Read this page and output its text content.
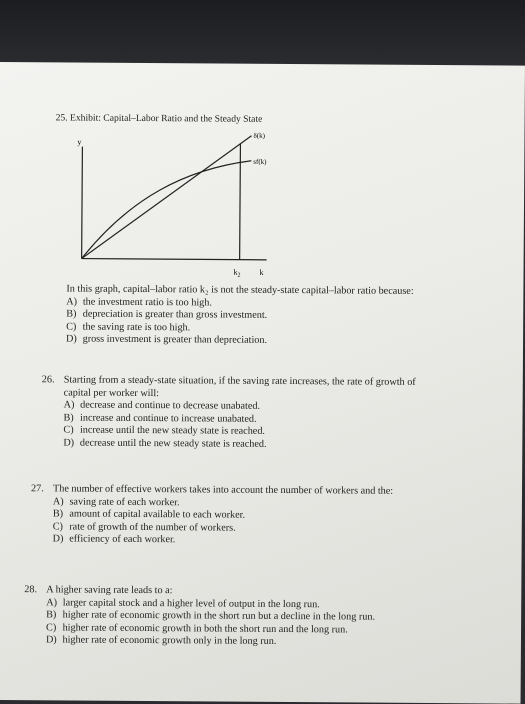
25. Exhibit: Capital–Labor Ratio and the Steady State
y
δ(k)
sf(k)
$k_2$ k
In this graph, capital–labor ratio k₂ is not the steady-state capital–labor ratio because:
A) the investment ratio is too high.
B) depreciation is greater than gross investment.
C) the saving rate is too high.
D) gross investment is greater than depreciation.
26. Starting from a steady-state situation, if the saving rate increases, the rate of growth of
capital per worker will:
A) decrease and continue to decrease unabated.
B) increase and continue to increase unabated.
C) increase until the new steady state is reached.
D) decrease until the new steady state is reached.
27. The number of effective workers takes into account the number of workers and the:
A) saving rate of each worker.
B) amount of capital available to each worker.
C) rate of growth of the number of workers.
D) efficiency of each worker.
28. A higher saving rate leads to a:
A) larger capital stock and a higher level of output in the long run.
B) higher rate of economic growth in the short run but a decline in the long run.
C) higher rate of economic growth in both the short run and the long run.
D) higher rate of economic growth only in the long run.
